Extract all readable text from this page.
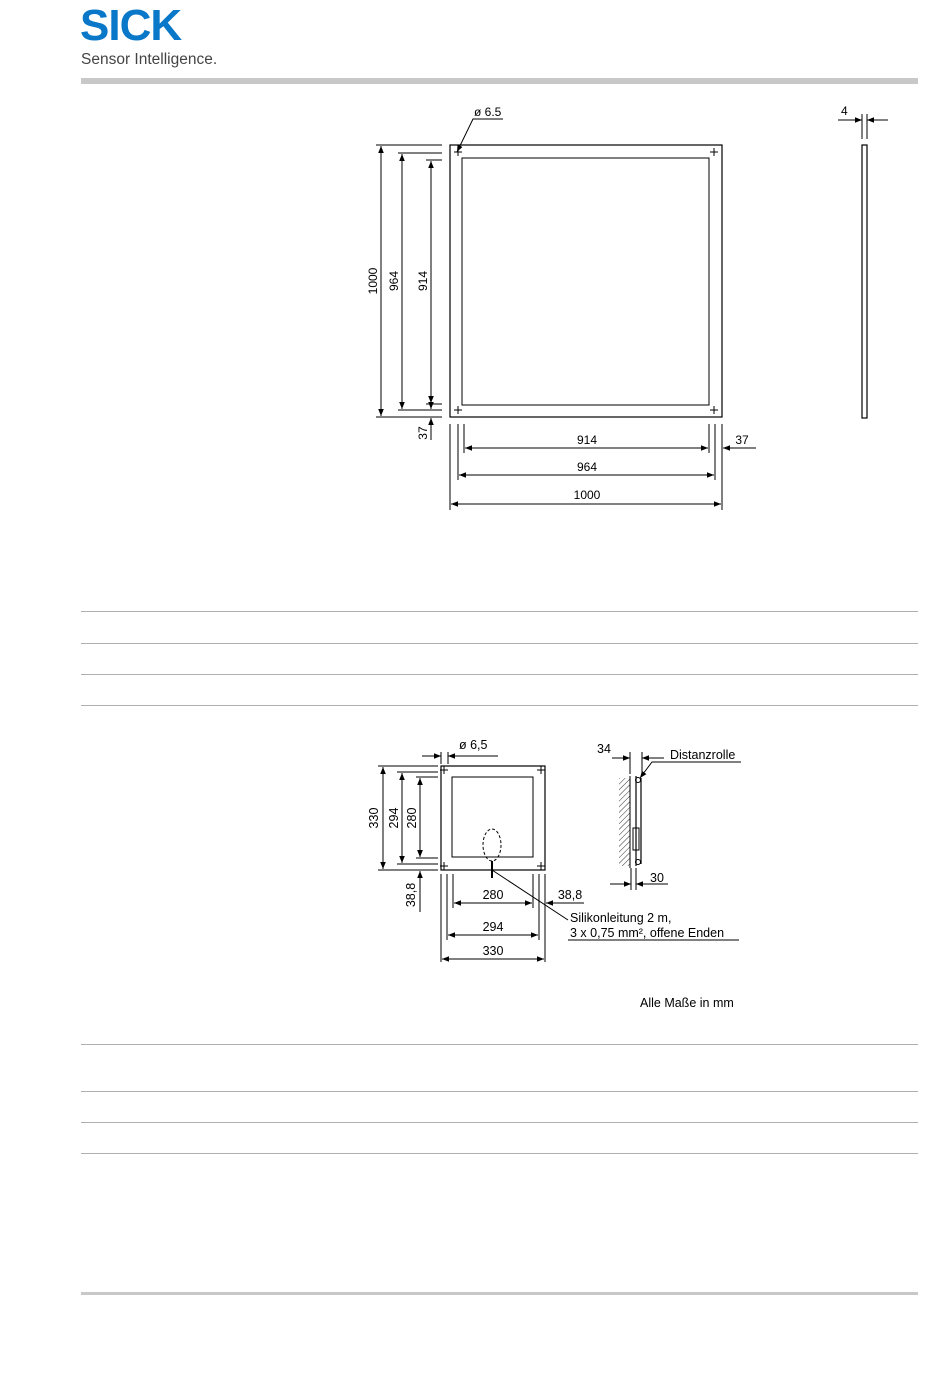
SICK
Sensor Intelligence.
ø 6.5	4
1000 964 914
37	914	37
964
1000
ø 6,5	34	Distanzrolle
330 294 280
38,8	280	38,8
294
330
30
Silikonleitung 2 m,
3 x 0,75 mm², offene Enden
Alle Maße in mm
